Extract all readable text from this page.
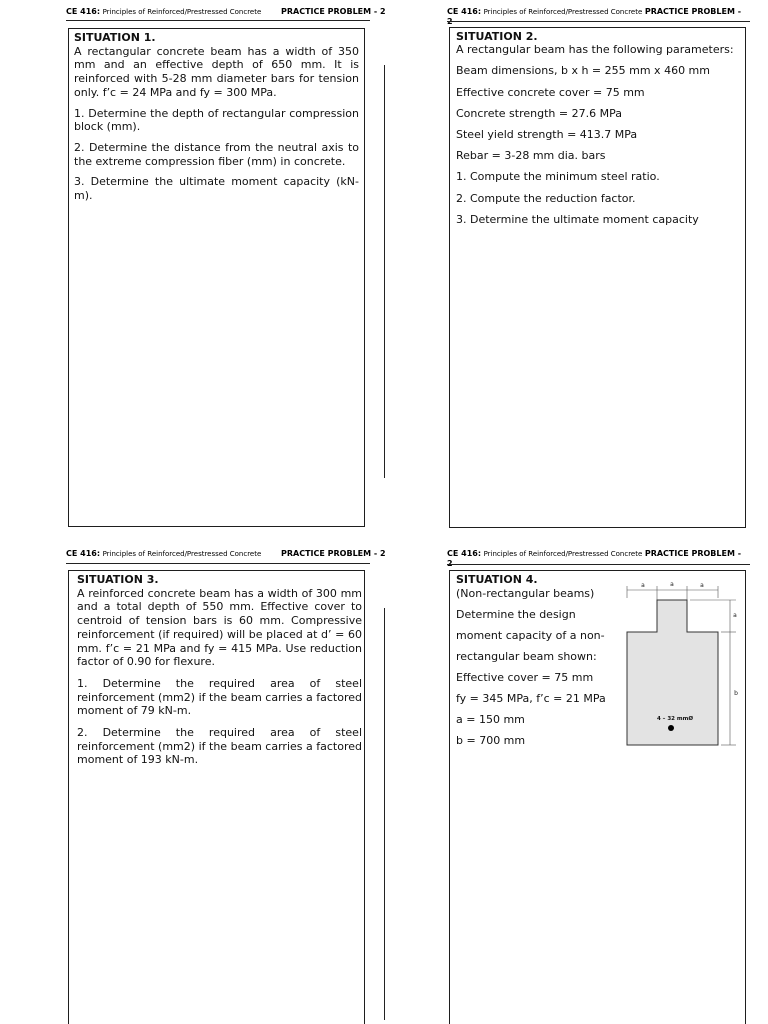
CE 416: Principles of Reinforced/Prestressed Concrete PRACTICE PROBLEM - 2	CE 416: Principles of Reinforced/Prestressed Concrete PRACTICE PROBLEM -
CE 416: Principles of Reinforced/Prestressed Concrete PRACTICE PROBLEM - 2	CE 416: Principles of Reinforced/Prestressed Concrete PRACTICE PROBLEM -

SITUATION 1.

A rectangular concrete beam has a width of 350 mm and an effective depth of 650 mm. It is reinforced with 5-28 mm diameter bars for tension only. f’c = 24 MPa and fy = 300 MPa.

1. Determine the depth of rectangular compression block (mm).

2. Determine the distance from the neutral axis to the extreme compression fiber (mm) in concrete.

3. Determine the ultimate moment capacity (kN-m).

SITUATION 2.

A rectangular beam has the following parameters:

Beam dimensions, b x h = 255 mm x 460 mm

Effective concrete cover = 75 mm

Concrete strength = 27.6 MPa

Steel yield strength = 413.7 MPa

Rebar = 3-28 mm dia. bars

1. Compute the minimum steel ratio.

2. Compute the reduction factor.

3. Determine the ultimate moment capacity

SITUATION 3.

A reinforced concrete beam has a width of 300 mm and a total depth of 550 mm. Effective cover to centroid of tension bars is 60 mm. Compressive reinforcement (if required) will be placed at d’ = 60 mm. f’c = 21 MPa and fy = 415 MPa. Use reduction factor of 0.90 for flexure.

1. Determine the required area of steel reinforcement (mm2) if the beam carries a factored moment of 79 kN-m.

2. Determine the required area of steel reinforcement (mm2) if the beam carries a factored moment of 193 kN-m.

SITUATION 4.

(Non-rectangular beams)

Determine the design moment capacity of a non-rectangular beam shown:

Effective cover = 75 mm

fy = 345 MPa, f’c = 21 MPa

a = 150 mm

b = 700 mm

a	a	a
a
b
4 – 32 mmØ
